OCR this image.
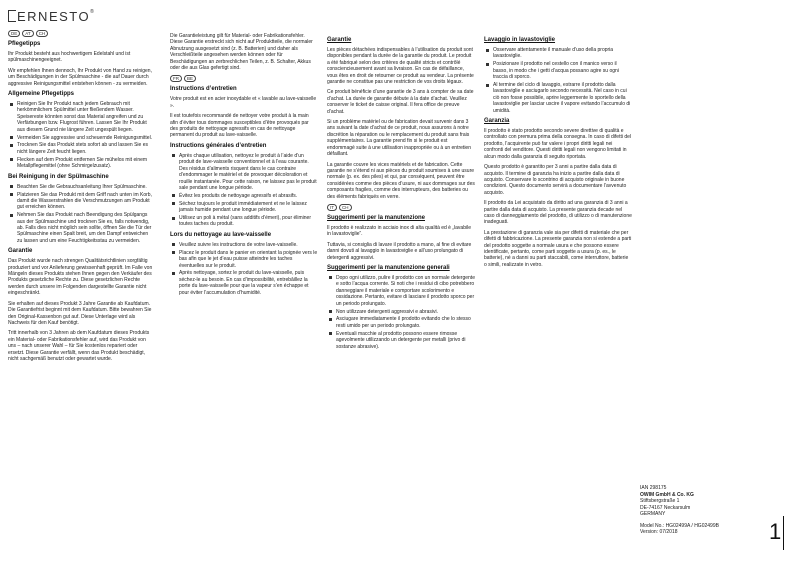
ERNESTO®
DE	AT	CH
Pflegetipps

Ihr Produkt besteht aus hochwertigem Edelstahl und ist spülmaschinengeeignet.

Wir empfehlen Ihnen dennoch, Ihr Produkt von Hand zu reinigen, um Beschädigungen in der Spülmaschine - die auf Dauer durch aggressive Reinigungsmittel entstehen können - zu vermeiden.

Allgemeine Pflegetipps
Reinigen Sie Ihr Produkt nach jedem Gebrauch mit herkömmlichem Spülmittel unter fließendem Wasser. Speisereste könnten sonst das Material angreifen und zu Verfärbungen bzw. Flugrost führen. Lassen Sie Ihr Produkt aus diesem Grund nie längere Zeit ungespült liegen.
Vermeiden Sie aggressive und scheuernde Reinigungsmittel.
Trocknen Sie das Produkt stets sofort ab und lassen Sie es nicht längere Zeit feucht liegen.
Flecken auf dem Produkt entfernen Sie mühelos mit einem Metallpflegemittel (ohne Schmirgelzusatz).
Bei Reinigung in der Spülmaschine
Beachten Sie die Gebrauchsanleitung Ihrer Spülmaschine.
Platzieren Sie das Produkt mit dem Griff nach unten im Korb, damit die Wasserstrahlen die Verschmutzungen am Produkt gut erreichen können.
Nehmen Sie das Produkt nach Beendigung des Spülgangs aus der Spülmaschine und trocknen Sie es, falls notwendig, ab. Falls dies nicht möglich sein sollte, öffnen Sie die Tür der Spülmaschine einen Spalt breit, um den Dampf entweichen zu lassen und um eine Feuchtigkeitsstau zu vermeiden.
Garantie

Das Produkt wurde nach strengen Qualitätsrichtlinien sorgfältig produziert und vor Anlieferung gewissenhaft geprüft. Im Falle von Mängeln dieses Produkts stehen Ihnen gegen den Verkäufer des Produkts gesetzliche Rechte zu. Diese gesetzlichen Rechte werden durch unsere im Folgenden dargestellte Garantie nicht eingeschränkt.

Sie erhalten auf dieses Produkt 3 Jahre Garantie ab Kaufdatum. Die Garantiefrist beginnt mit dem Kaufdatum. Bitte bewahren Sie den Original-Kassenbon gut auf. Diese Unterlage wird als Nachweis für den Kauf benötigt.

Tritt innerhalb von 3 Jahren ab dem Kaufdatum dieses Produkts ein Material- oder Fabrikationsfehler auf, wird das Produkt von uns – nach unserer Wahl – für Sie kostenlos repariert oder ersetzt. Diese Garantie verfällt, wenn das Produkt beschädigt, nicht sachgemäß benutzt oder gewartet wurde.

Die Garantieleistung gilt für Material- oder Fabrikationsfehler. Diese Garantie erstreckt sich nicht auf Produktteile, die normaler Abnutzung ausgesetzt sind (z. B. Batterien) und daher als Verschleißteile angesehen werden können oder für Beschädigungen an zerbrechlichen Teilen, z. B. Schalter, Akkus oder die aus Glas gefertigt sind.

FR	BE
Instructions d’entretien

Votre produit est en acier inoxydable et « lavable au lave-vaisselle ».

Il est toutefois recommandé de nettoyer votre produit à la main afin d’éviter tous dommages susceptibles d’être provoqués par des produits de nettoyage agressifs en cas de nettoyage permanent du produit au lave-vaisselle.

Instructions générales d’entretien
Après chaque utilisation, nettoyez le produit à l’aide d’un produit de lave-vaisselle conventionnel et à l’eau courante. Des résidus d’aliments risquent dans le cas contraire d’endommager le matériel et de provoquer décoloration et rouille instantanée. Pour cette raison, ne laissez pas le produit sale pendant une longue période.
Évitez les produits de nettoyage agressifs et abrasifs.
Séchez toujours le produit immédiatement et ne le laissez jamais humide pendant une longue période.
Utilisez un poli à métal (sans additifs d’émeri), pour éliminer toutes taches du produit.
Lors du nettoyage au lave-vaisselle
Veuillez suivre les instructions de votre lave-vaisselle.
Placez le produit dans le panier en orientant la poignée vers le bas afin que le jet d’eau puisse atteindre les taches éventuelles sur le produit.
Après nettoyage, sortez le produit du lave-vaisselle, puis séchez-le au besoin. En cas d’impossibilité, entrebâillez la porte du lave-vaisselle pour que la vapeur s’en échappe et pour éviter l’accumulation d’humidité.
Garantie

Les pièces détachées indispensables à l’utilisation du produit sont disponibles pendant la durée de la garantie du produit. Le produit a été fabriqué selon des critères de qualité stricts et contrôlé consciencieusement avant sa livraison. En cas de défaillance, vous êtes en droit de retourner ce produit au vendeur. La présente garantie ne constitue pas une restriction de vos droits légaux.

Ce produit bénéficie d’une garantie de 3 ans à compter de sa date d’achat. La durée de garantie débute à la date d’achat. Veuillez conserver le ticket de caisse original. Il fera office de preuve d’achat.

Si un problème matériel ou de fabrication devait survenir dans 3 ans suivant la date d’achat de ce produit, nous assurons à notre discrétion la réparation ou le remplacement du produit sans frais supplémentaires. La garantie prend fin si le produit est endommagé suite à une utilisation inappropriée ou à un entretien défaillant.

La garantie couvre les vices matériels et de fabrication. Cette garantie ne s’étend ni aux pièces du produit soumises à une usure normale (p. ex. des piles) et qui, par conséquent, peuvent être considérées comme des pièces d’usure, ni aux dommages sur des composants fragiles, comme des interrupteurs, des batteries ou des éléments fabriqués en verre.

IT	CH
Suggerimenti per la manutenzione

Il prodotto è realizzato in acciaio inox di alta qualità ed è „lavabile in lavastoviglie“.

Tuttavia, si consiglia di lavare il prodotto a mano, al fine di evitare danni dovuti al lavaggio in lavastoviglie e all’uso prolungato di detergenti aggressivi.

Suggerimenti per la manutenzione generali
Dopo ogni utilizzo, pulire il prodotto con un normale detergente e sotto l’acqua corrente. Si noti che i residui di cibo potrebbero danneggiare il materiale e comportare scolorimento e ossidazione. Pertanto, evitare di lasciare il prodotto sporco per un periodo prolungato.
Non utilizzare detergenti aggressivi e abrasivi.
Asciugare immediatamente il prodotto evitando che lo stesso resti umido per un periodo prolungato.
Eventuali macchie al prodotto possono essere rimosse agevolmente utilizzando un detergente per metalli (privo di sostanze abrasive).
Lavaggio in lavastoviglie
Osservare attentamente il manuale d’uso della propria lavastoviglie.
Posizionare il prodotto nel cestello con il manico verso il basso, in modo che i getti d’acqua possano agire su ogni traccia di sporco.
Al termine del ciclo di lavaggio, estrarre il prodotto dalla lavastoviglie e asciugarlo secondo necessità. Nel caso in cui ciò non fosse possibile, aprire leggermente lo sportello della lavastoviglie per lasciar uscire il vapore evitando l’accumulo di umidità.
Garanzia

Il prodotto è stato prodotto secondo severe direttive di qualità e controllato con premura prima della consegna. In caso di difetti del prodotto, l’acquirente può far valere i propri diritti legali nei confronti del venditore. Questi diritti legali non vengono limitati in alcun modo dalla garanzia di seguito riportata.

Questo prodotto è garantito per 3 anni a partire dalla data di acquisto. Il termine di garanzia ha inizio a partire dalla data di acquisto. Conservare lo scontrino di acquisto originale in buone condizioni. Questo documento servirà a documentare l’avvenuto acquisto.

Il prodotto da Lei acquistato da diritto ad una garanzia di 3 anni a partire dalla data di acquisto. La presente garanzia decade nel caso di danneggiamento del prodotto, di utilizzo o di manutenzione inadeguati.

La prestazione di garanzia vale sia per difetti di materiale che per difetti di fabbricazione. La presente garanzia non si estende a parti del prodotto soggette a normale usura e che possono essere identificate, pertanto, come parti soggette a usura (p. es., le batterie), né a danni su parti staccabili, come interruttore, batterie o simili, realizzate in vetro.

IAN 298175

OWIM GmbH & Co. KG

Stiftsbergstraße 1

DE-74167 Neckarsulm

GERMANY

Model No.: HG02499A / HG02499B

Version: 07/2018	1
